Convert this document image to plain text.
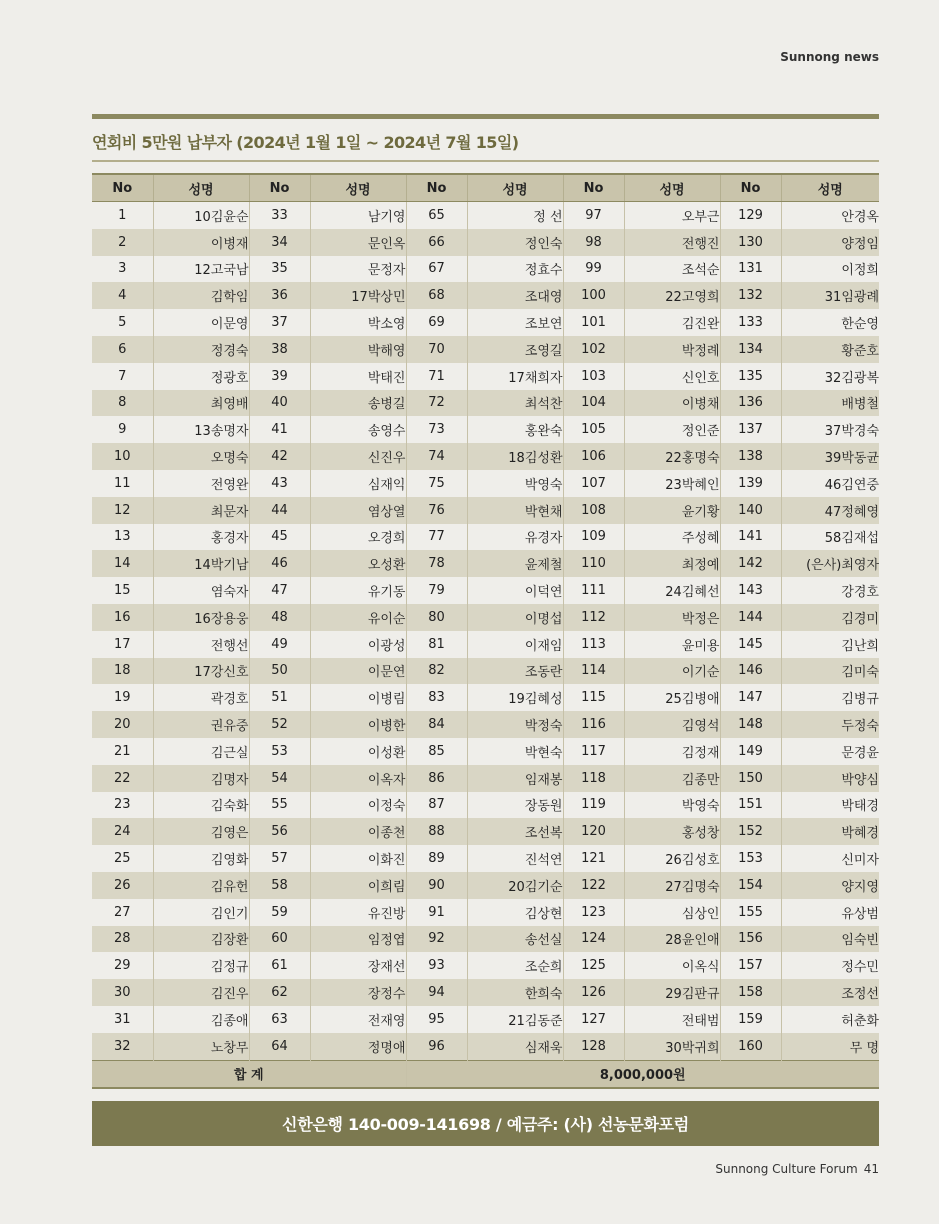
Sunnong news
연회비 5만원 납부자 (2024년 1월 1일 ~ 2024년 7월 15일)
No	성명	No	성명	No	성명	No	성명	No	성명
1	10김윤순	33	남기영	65	정 선	97	오부근	129	안경옥
2	이병재	34	문인옥	66	정인숙	98	전행진	130	양정임
3	12고국남	35	문정자	67	정효수	99	조석순	131	이정희
4	김학임	36	17박상민	68	조대영	100	22고영희	132	31임광례
5	이문영	37	박소영	69	조보연	101	김진완	133	한순영
6	정경숙	38	박해영	70	조영길	102	박정례	134	황준호
7	정광호	39	박태진	71	17채희자	103	신인호	135	32김광복
8	최영배	40	송병길	72	최석찬	104	이병채	136	배병철
9	13송명자	41	송영수	73	홍완숙	105	정인준	137	37박경숙
10	오명숙	42	신진우	74	18김성환	106	22홍명숙	138	39박동균
11	전영완	43	심재익	75	박영숙	107	23박혜인	139	46김연중
12	최문자	44	염상열	76	박현채	108	윤기황	140	47정혜영
13	홍경자	45	오경희	77	유경자	109	주성혜	141	58김재섭
14	14박기남	46	오성환	78	윤제철	110	최정예	142	(은사)최영자
15	염숙자	47	유기동	79	이덕연	111	24김혜선	143	강경호
16	16장용웅	48	유이순	80	이명섭	112	박정은	144	김경미
17	전행선	49	이광성	81	이재임	113	윤미용	145	김난희
18	17강신호	50	이문연	82	조동란	114	이기순	146	김미숙
19	곽경호	51	이병림	83	19김혜성	115	25김병애	147	김병규
20	권유중	52	이병한	84	박정숙	116	김영석	148	두정숙
21	김근실	53	이성환	85	박현숙	117	김정재	149	문경윤
22	김명자	54	이옥자	86	임재봉	118	김종만	150	박양심
23	김숙화	55	이정숙	87	장동원	119	박영숙	151	박태경
24	김영은	56	이종천	88	조선복	120	홍성창	152	박혜경
25	김영화	57	이화진	89	진석연	121	26김성호	153	신미자
26	김유헌	58	이희림	90	20김기순	122	27김명숙	154	양지영
27	김인기	59	유진방	91	김상현	123	심상인	155	유상범
28	김장환	60	임정엽	92	송선실	124	28윤인애	156	임숙빈
29	김정규	61	장재선	93	조순희	125	이옥식	157	정수민
30	김진우	62	장정수	94	한희숙	126	29김판규	158	조정선
31	김종애	63	전재영	95	21김동준	127	전태범	159	허춘화
32	노창무	64	정명애	96	심재욱	128	30박귀희	160	무 명
합 계				8,000,000원					
신한은행 140-009-141698 / 예금주: (사) 선농문화포럼
Sunnong Culture Forum 41
